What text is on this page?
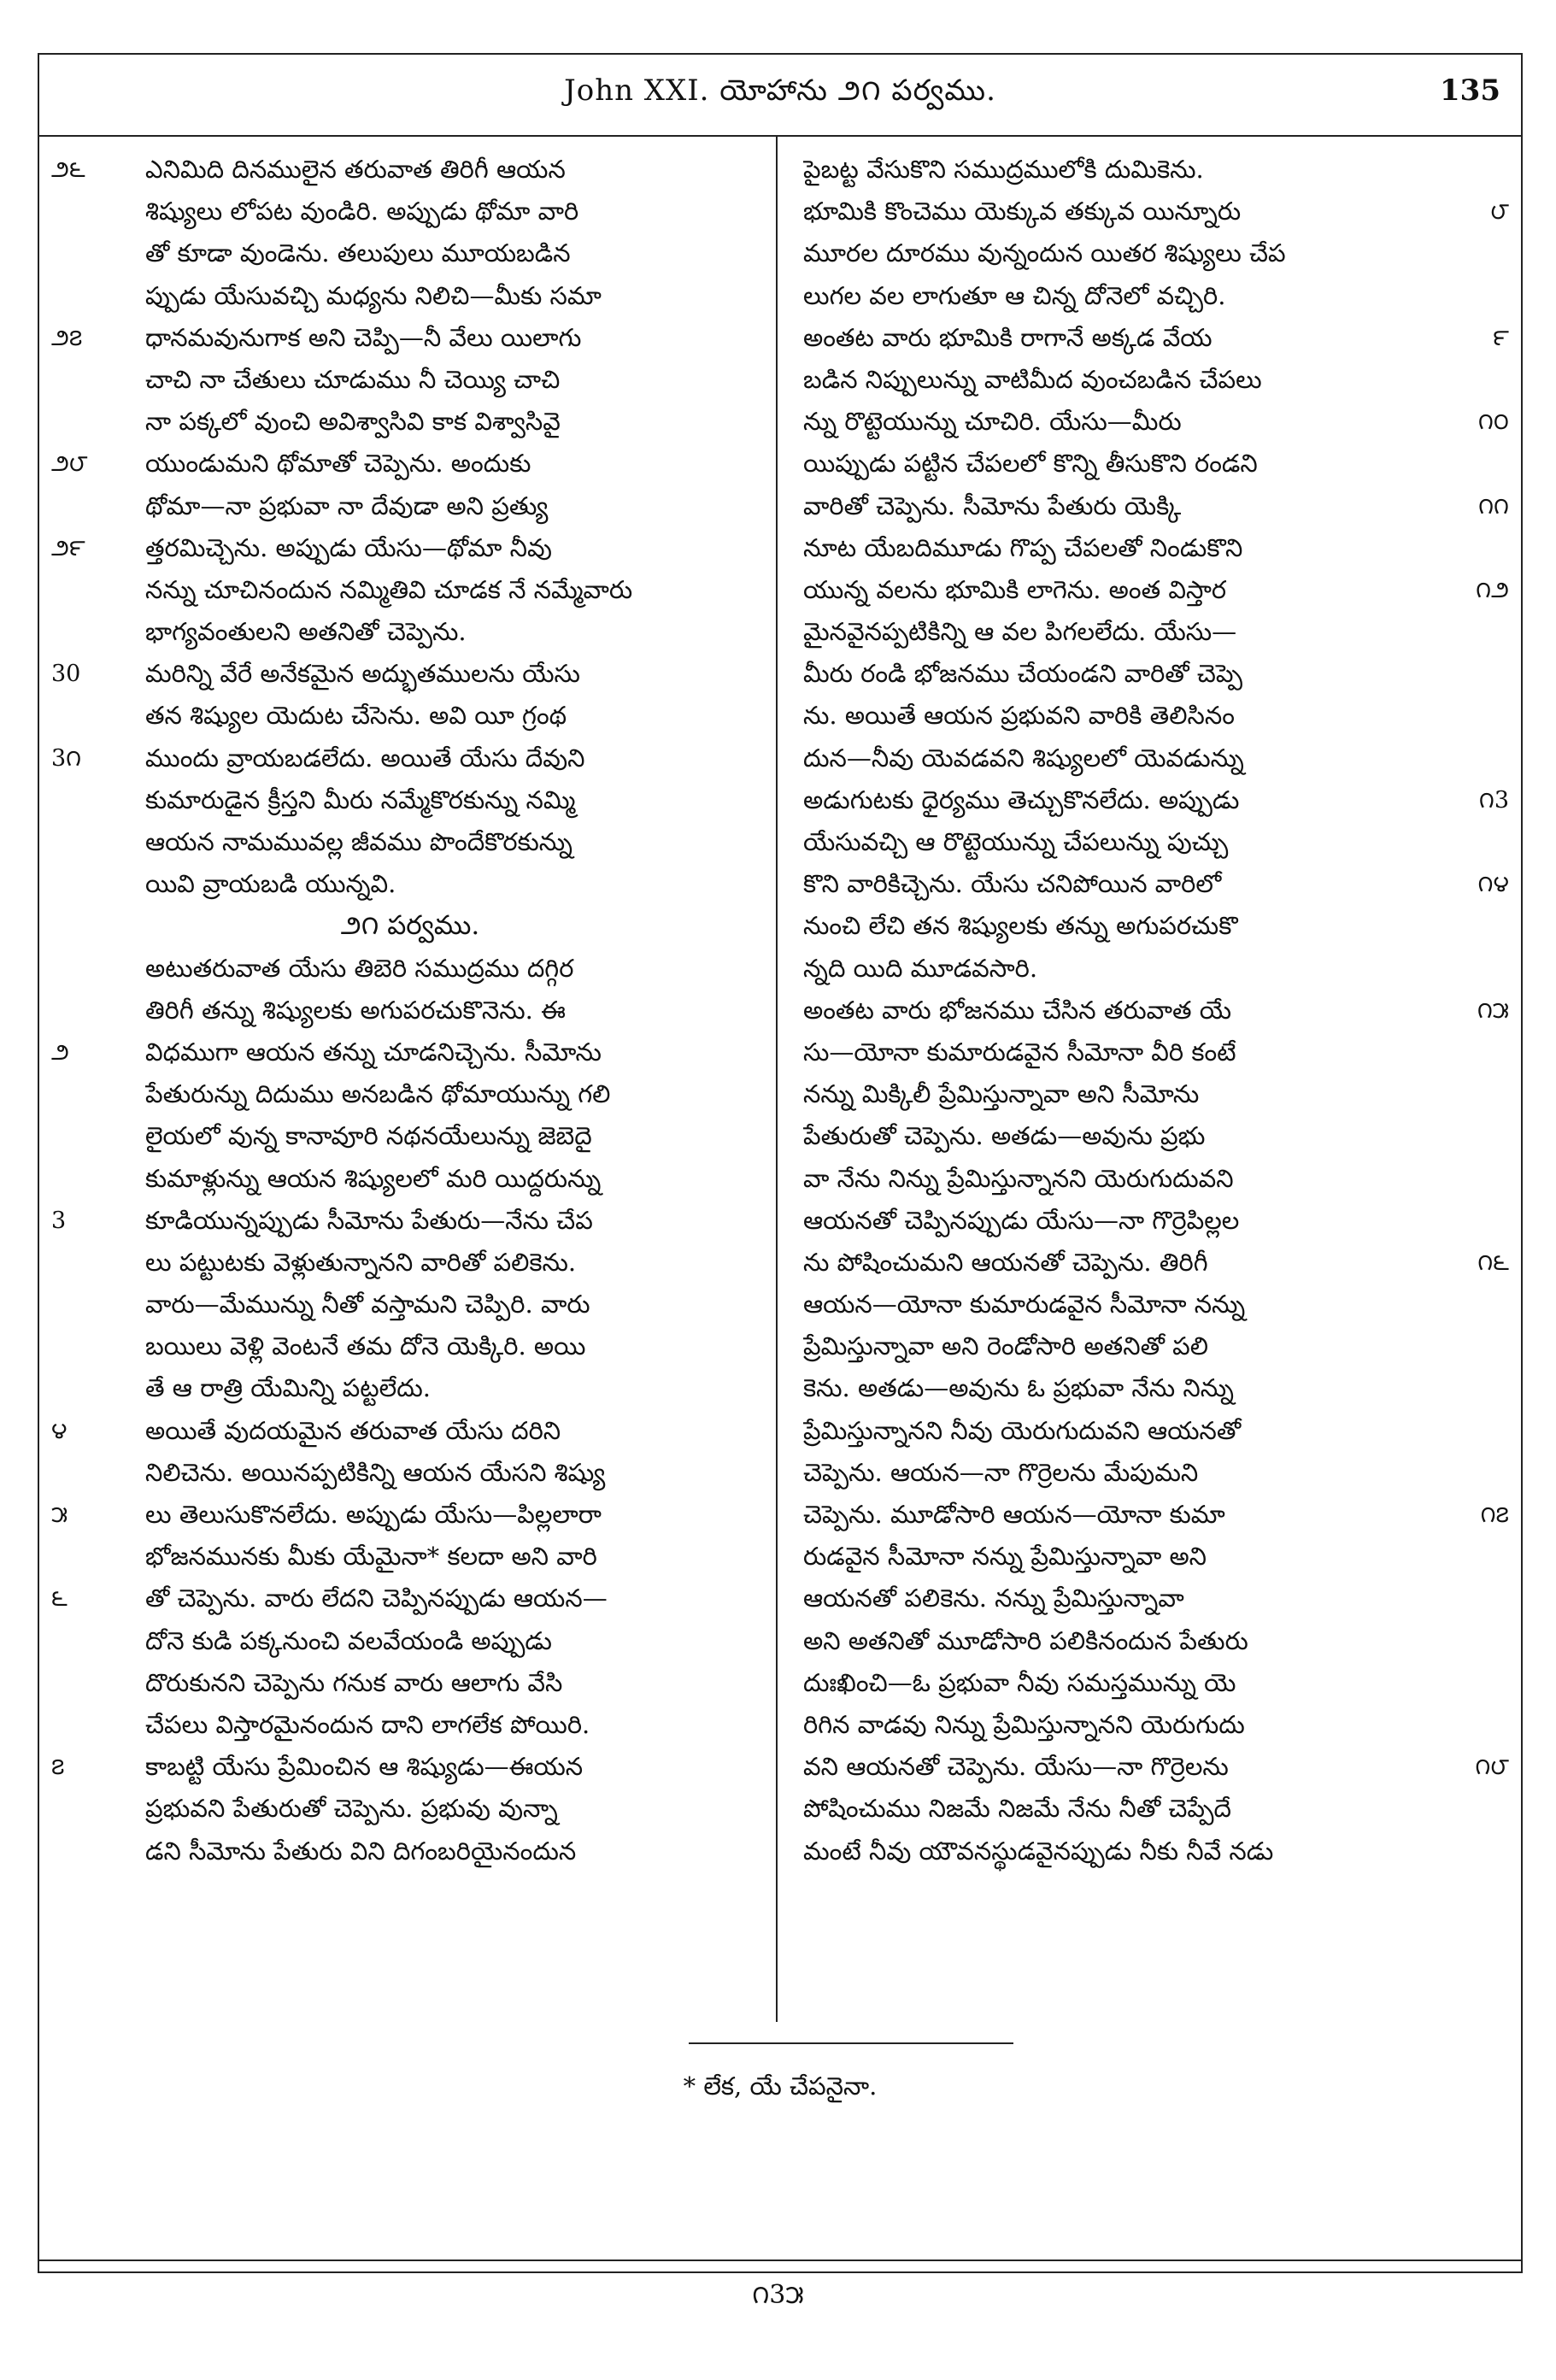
John XXI. యోహాను ౨౧ పర్వము.	135
౨౬	ఎనిమిది దినములైన తరువాత తిరిగీ ఆయన
శిష్యులు లోపట వుండిరి. అప్పుడు థోమా వారి
తో కూడా వుండెను. తలుపులు మూయబడిన
ప్పుడు యేసువచ్చి మధ్యను నిలిచి—మీకు సమా
౨౭	ధానమవునుగాక అని చెప్పి—నీ వేలు యిలాగు
చాచి నా చేతులు చూడుము నీ చెయ్యి చాచి
నా పక్కలో వుంచి అవిశ్వాసివి కాక విశ్వాసివై
౨౮	యుండుమని థోమాతో చెప్పెను. అందుకు
థోమా—నా ప్రభువా నా దేవుడా అని ప్రత్యు
౨౯	త్తరమిచ్చెను. అప్పుడు యేసు—థోమా నీవు
నన్ను చూచినందున నమ్మితివి చూడక నే నమ్మేవారు
భాగ్యవంతులని అతనితో చెప్పెను.
30	మరిన్ని వేరే అనేకమైన అద్భుతములను యేసు
తన శిష్యుల యెదుట చేసెను. అవి యీ గ్రంథ
3౧	ముందు వ్రాయబడలేదు. అయితే యేసు దేవుని
కుమారుడైన క్రీస్తని మీరు నమ్మేకొరకున్ను నమ్మి
ఆయన నామమువల్ల జీవము పొందేకొరకున్ను
యివి వ్రాయబడి యున్నవి.
౨౧ పర్వము.
అటుతరువాత యేసు తిబెరి సముద్రము దగ్గిర
తిరిగీ తన్ను శిష్యులకు అగుపరచుకొనెను. ఈ
౨	విధముగా ఆయన తన్ను చూడనిచ్చెను. సీమోను
పేతురున్ను దిదుము అనబడిన థోమాయున్ను గలి
లైయలో వున్న కానావూరి నథనయేలున్ను జెబెదై
కుమాళ్లున్ను ఆయన శిష్యులలో మరి యిద్దరున్ను
3	కూడియున్నప్పుడు సీమోను పేతురు—నేను చేప
లు పట్టుటకు వెళ్లుతున్నానని వారితో పలికెను.
వారు—మేమున్ను నీతో వస్తామని చెప్పిరి. వారు
బయిలు వెళ్లి వెంటనే తమ దోనె యెక్కిరి. అయి
తే ఆ రాత్రి యేమిన్ని పట్టలేదు.
౪	అయితే వుదయమైన తరువాత యేసు దరిని
నిలిచెను. అయినప్పటికిన్ని ఆయన యేసని శిష్యు
౫	లు తెలుసుకొనలేదు. అప్పుడు యేసు—పిల్లలారా
భోజనమునకు మీకు యేమైనా* కలదా అని వారి
౬	తో చెప్పెను. వారు లేదని చెప్పినప్పుడు ఆయన—
దోనె కుడి పక్కనుంచి వలవేయండి అప్పుడు
దొరుకునని చెప్పెను గనుక వారు ఆలాగు వేసి
చేపలు విస్తారమైనందున దాని లాగలేక పోయిరి.
౭	కాబట్టి యేసు ప్రేమించిన ఆ శిష్యుడు—ఈయన
ప్రభువని పేతురుతో చెప్పెను. ప్రభువు వున్నా
డని సీమోను పేతురు విని దిగంబరియైనందున
పైబట్ట వేసుకొని సముద్రములోకి దుమికెను.
౮
భూమికి కొంచెము యెక్కువ తక్కువ యిన్నూరు
మూరల దూరము వున్నందున యితర శిష్యులు చేప
లుగల వల లాగుతూ ఆ చిన్న దోనెలో వచ్చిరి.
౯
అంతట వారు భూమికి రాగానే అక్కడ వేయ
బడిన నిప్పులున్ను వాటిమీద వుంచబడిన చేపలు
౧౦
న్ను రొట్టెయున్ను చూచిరి. యేసు—మీరు
యిప్పుడు పట్టిన చేపలలో కొన్ని తీసుకొని రండని
౧౧
వారితో చెప్పెను. సీమోను పేతురు యెక్కి
నూట యేబదిమూడు గొప్ప చేపలతో నిండుకొని
౧౨
యున్న వలను భూమికి లాగెను. అంత విస్తార
మైనవైనప్పటికిన్ని ఆ వల పిగలలేదు. యేసు—
మీరు రండి భోజనము చేయండని వారితో చెప్పె
ను. అయితే ఆయన ప్రభువని వారికి తెలిసినం
దున—నీవు యెవడవని శిష్యులలో యెవడున్ను
౧3
అడుగుటకు ధైర్యము తెచ్చుకొనలేదు. అప్పుడు
యేసువచ్చి ఆ రొట్టెయున్ను చేపలున్ను పుచ్చు
౧౪
కొని వారికిచ్చెను. యేసు చనిపోయిన వారిలో
నుంచి లేచి తన శిష్యులకు తన్ను అగుపరచుకొ
న్నది యిది మూడవసారి.
౧౫
అంతట వారు భోజనము చేసిన తరువాత యే
సు—యోనా కుమారుడవైన సీమోనా వీరి కంటే
నన్ను మిక్కిలీ ప్రేమిస్తున్నావా అని సీమోను
పేతురుతో చెప్పెను. అతడు—అవును ప్రభు
వా నేను నిన్ను ప్రేమిస్తున్నానని యెరుగుదువని
ఆయనతో చెప్పినప్పుడు యేసు—నా గొర్రెపిల్లల
౧౬
ను పోషించుమని ఆయనతో చెప్పెను. తిరిగీ
ఆయన—యోనా కుమారుడవైన సీమోనా నన్ను
ప్రేమిస్తున్నావా అని రెండోసారి అతనితో పలి
కెను. అతడు—అవును ఓ ప్రభువా నేను నిన్ను
ప్రేమిస్తున్నానని నీవు యెరుగుదువని ఆయనతో
చెప్పెను. ఆయన—నా గొర్రెలను మేపుమని
౧౭
చెప్పెను. మూడోసారి ఆయన—యోనా కుమా
రుడవైన సీమోనా నన్ను ప్రేమిస్తున్నావా అని
ఆయనతో పలికెను. నన్ను ప్రేమిస్తున్నావా
అని అతనితో మూడోసారి పలికినందున పేతురు
దుఃఖించి—ఓ ప్రభువా నీవు సమస్తమున్ను యె
రిగిన వాడవు నిన్ను ప్రేమిస్తున్నానని యెరుగుదు
౧౮
వని ఆయనతో చెప్పెను. యేసు—నా గొర్రెలను
పోషించుము నిజమే నిజమే నేను నీతో చెప్పేదే
మంటే నీవు యౌవనస్థుడవైనప్పుడు నీకు నీవే నడు
* లేక, యే చేపనైనా.
౧3౫
